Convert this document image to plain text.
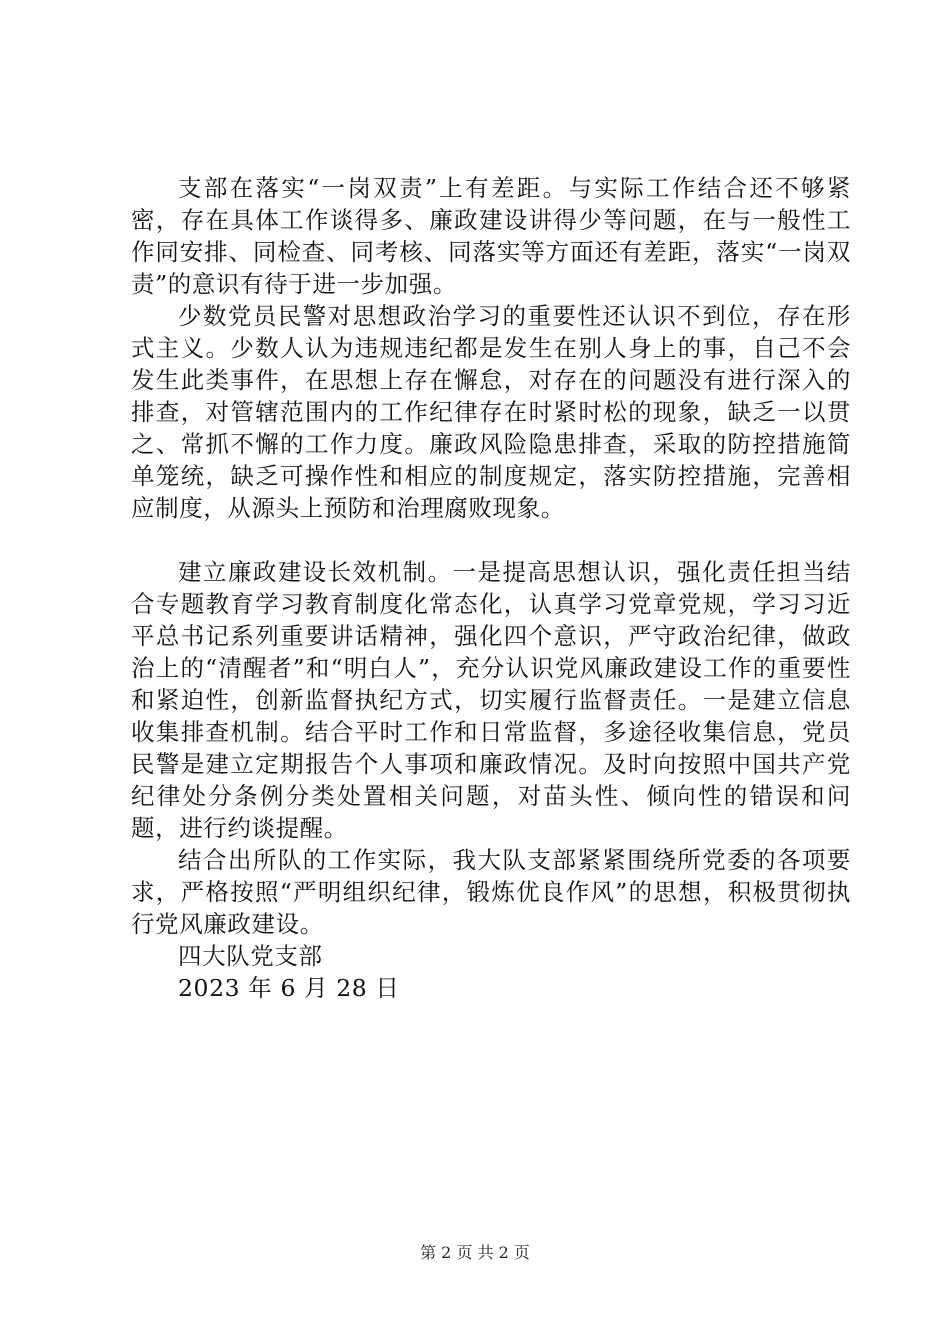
支部在落实“一岗双责”上有差距。与实际工作结合还不够紧密，存在具体工作谈得多、廉政建设讲得少等问题，在与一般性工作同安排、同检查、同考核、同落实等方面还有差距，落实“一岗双责”的意识有待于进一步加强。

少数党员民警对思想政治学习的重要性还认识不到位，存在形式主义。少数人认为违规违纪都是发生在别人身上的事，自己不会发生此类事件，在思想上存在懈怠，对存在的问题没有进行深入的排查，对管辖范围内的工作纪律存在时紧时松的现象，缺乏一以贯之、常抓不懈的工作力度。廉政风险隐患排查，采取的防控措施简单笼统，缺乏可操作性和相应的制度规定，落实防控措施，完善相应制度，从源头上预防和治理腐败现象。

建立廉政建设长效机制。一是提高思想认识，强化责任担当结合专题教育学习教育制度化常态化，认真学习党章党规，学习习近平总书记系列重要讲话精神，强化四个意识，严守政治纪律，做政治上的“清醒者”和“明白人”，充分认识党风廉政建设工作的重要性和紧迫性，创新监督执纪方式，切实履行监督责任。一是建立信息收集排查机制。结合平时工作和日常监督，多途径收集信息，党员民警是建立定期报告个人事项和廉政情况。及时向按照中国共产党纪律处分条例分类处置相关问题，对苗头性、倾向性的错误和问题，进行约谈提醒。

结合出所队的工作实际，我大队支部紧紧围绕所党委的各项要求，严格按照“严明组织纪律，锻炼优良作风”的思想，积极贯彻执行党风廉政建设。

四大队党支部

2023 年 6 月 28 日

第 2 页 共 2 页
